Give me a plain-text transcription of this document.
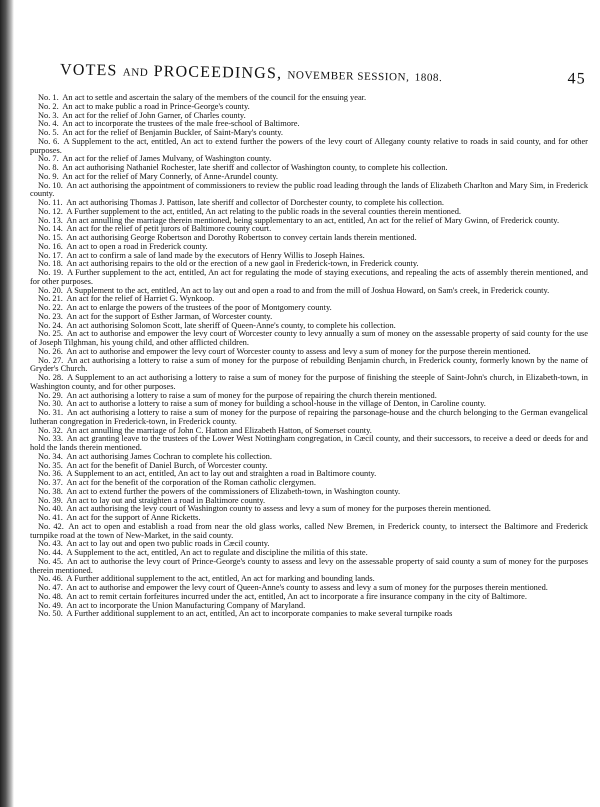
VOTES AND PROCEEDINGS, NOVEMBER SESSION, 1808.	45

No. 1. An act to settle and ascertain the salary of the members of the council for the ensuing year.

No. 2. An act to make public a road in Prince-George's county.

No. 3. An act for the relief of John Garner, of Charles county.

No. 4. An act to incorporate the trustees of the male free-school of Baltimore.

No. 5. An act for the relief of Benjamin Buckler, of Saint-Mary's county.

No. 6. A Supplement to the act, entitled, An act to extend further the powers of the levy court of Allegany county relative to roads in said county, and for other purposes.

No. 7. An act for the relief of James Mulvany, of Washington county.

No. 8. An act authorising Nathaniel Rochester, late sheriff and collector of Washington county, to complete his collection.

No. 9. An act for the relief of Mary Connerly, of Anne-Arundel county.

No. 10. An act authorising the appointment of commissioners to review the public road leading through the lands of Elizabeth Charlton and Mary Sim, in Frederick county.

No. 11. An act authorising Thomas J. Pattison, late sheriff and collector of Dorchester county, to complete his collection.

No. 12. A Further supplement to the act, entitled, An act relating to the public roads in the several counties therein mentioned.

No. 13. An act annulling the marriage therein mentioned, being supplementary to an act, entitled, An act for the relief of Mary Gwinn, of Frederick county.

No. 14. An act for the relief of petit jurors of Baltimore county court.

No. 15. An act authorising George Robertson and Dorothy Robertson to convey certain lands therein mentioned.

No. 16. An act to open a road in Frederick county.

No. 17. An act to confirm a sale of land made by the executors of Henry Willis to Joseph Haines.

No. 18. An act authorising repairs to the old or the erection of a new gaol in Frederick-town, in Frederick county.

No. 19. A Further supplement to the act, entitled, An act for regulating the mode of staying executions, and repealing the acts of assembly therein mentioned, and for other purposes.

No. 20. A Supplement to the act, entitled, An act to lay out and open a road to and from the mill of Joshua Howard, on Sam's creek, in Frederick county.

No. 21. An act for the relief of Harriet G. Wynkoop.

No. 22. An act to enlarge the powers of the trustees of the poor of Montgomery county.

No. 23. An act for the support of Esther Jarman, of Worcester county.

No. 24. An act authorising Solomon Scott, late sheriff of Queen-Anne's county, to complete his collection.

No. 25. An act to authorise and empower the levy court of Worcester county to levy annually a sum of money on the assessable property of said county for the use of Joseph Tilghman, his young child, and other afflicted children.

No. 26. An act to authorise and empower the levy court of Worcester county to assess and levy a sum of money for the purpose therein mentioned.

No. 27. An act authorising a lottery to raise a sum of money for the purpose of rebuilding Benjamin church, in Frederick county, formerly known by the name of Gryder's Church.

No. 28. A Supplement to an act authorising a lottery to raise a sum of money for the purpose of finishing the steeple of Saint-John's church, in Elizabeth-town, in Washington county, and for other purposes.

No. 29. An act authorising a lottery to raise a sum of money for the purpose of repairing the church therein mentioned.

No. 30. An act to authorise a lottery to raise a sum of money for building a school-house in the village of Denton, in Caroline county.

No. 31. An act authorising a lottery to raise a sum of money for the purpose of repairing the parsonage-house and the church belonging to the German evangelical lutheran congregation in Frederick-town, in Frederick county.

No. 32. An act annulling the marriage of John C. Hatton and Elizabeth Hatton, of Somerset county.

No. 33. An act granting leave to the trustees of the Lower West Nottingham congregation, in Cæcil county, and their successors, to receive a deed or deeds for and hold the lands therein mentioned.

No. 34. An act authorising James Cochran to complete his collection.

No. 35. An act for the benefit of Daniel Burch, of Worcester county.

No. 36. A Supplement to an act, entitled, An act to lay out and straighten a road in Baltimore county.

No. 37. An act for the benefit of the corporation of the Roman catholic clergymen.

No. 38. An act to extend further the powers of the commissioners of Elizabeth-town, in Washington county.

No. 39. An act to lay out and straighten a road in Baltimore county.

No. 40. An act authorising the levy court of Washington county to assess and levy a sum of money for the purposes therein mentioned.

No. 41. An act for the support of Anne Ricketts.

No. 42. An act to open and establish a road from near the old glass works, called New Bremen, in Frederick county, to intersect the Baltimore and Frederick turnpike road at the town of New-Market, in the said county.

No. 43. An act to lay out and open two public roads in Cæcil county.

No. 44. A Supplement to the act, entitled, An act to regulate and discipline the militia of this state.

No. 45. An act to authorise the levy court of Prince-George's county to assess and levy on the assessable property of said county a sum of money for the purposes therein mentioned.

No. 46. A Further additional supplement to the act, entitled, An act for marking and bounding lands.

No. 47. An act to authorise and empower the levy court of Queen-Anne's county to assess and levy a sum of money for the purposes therein mentioned.

No. 48. An act to remit certain forfeitures incurred under the act, entitled, An act to incorporate a fire insurance company in the city of Baltimore.

No. 49. An act to incorporate the Union Manufacturing Company of Maryland.

No. 50. A Further additional supplement to an act, entitled, An act to incorporate companies to make several turnpike roads
